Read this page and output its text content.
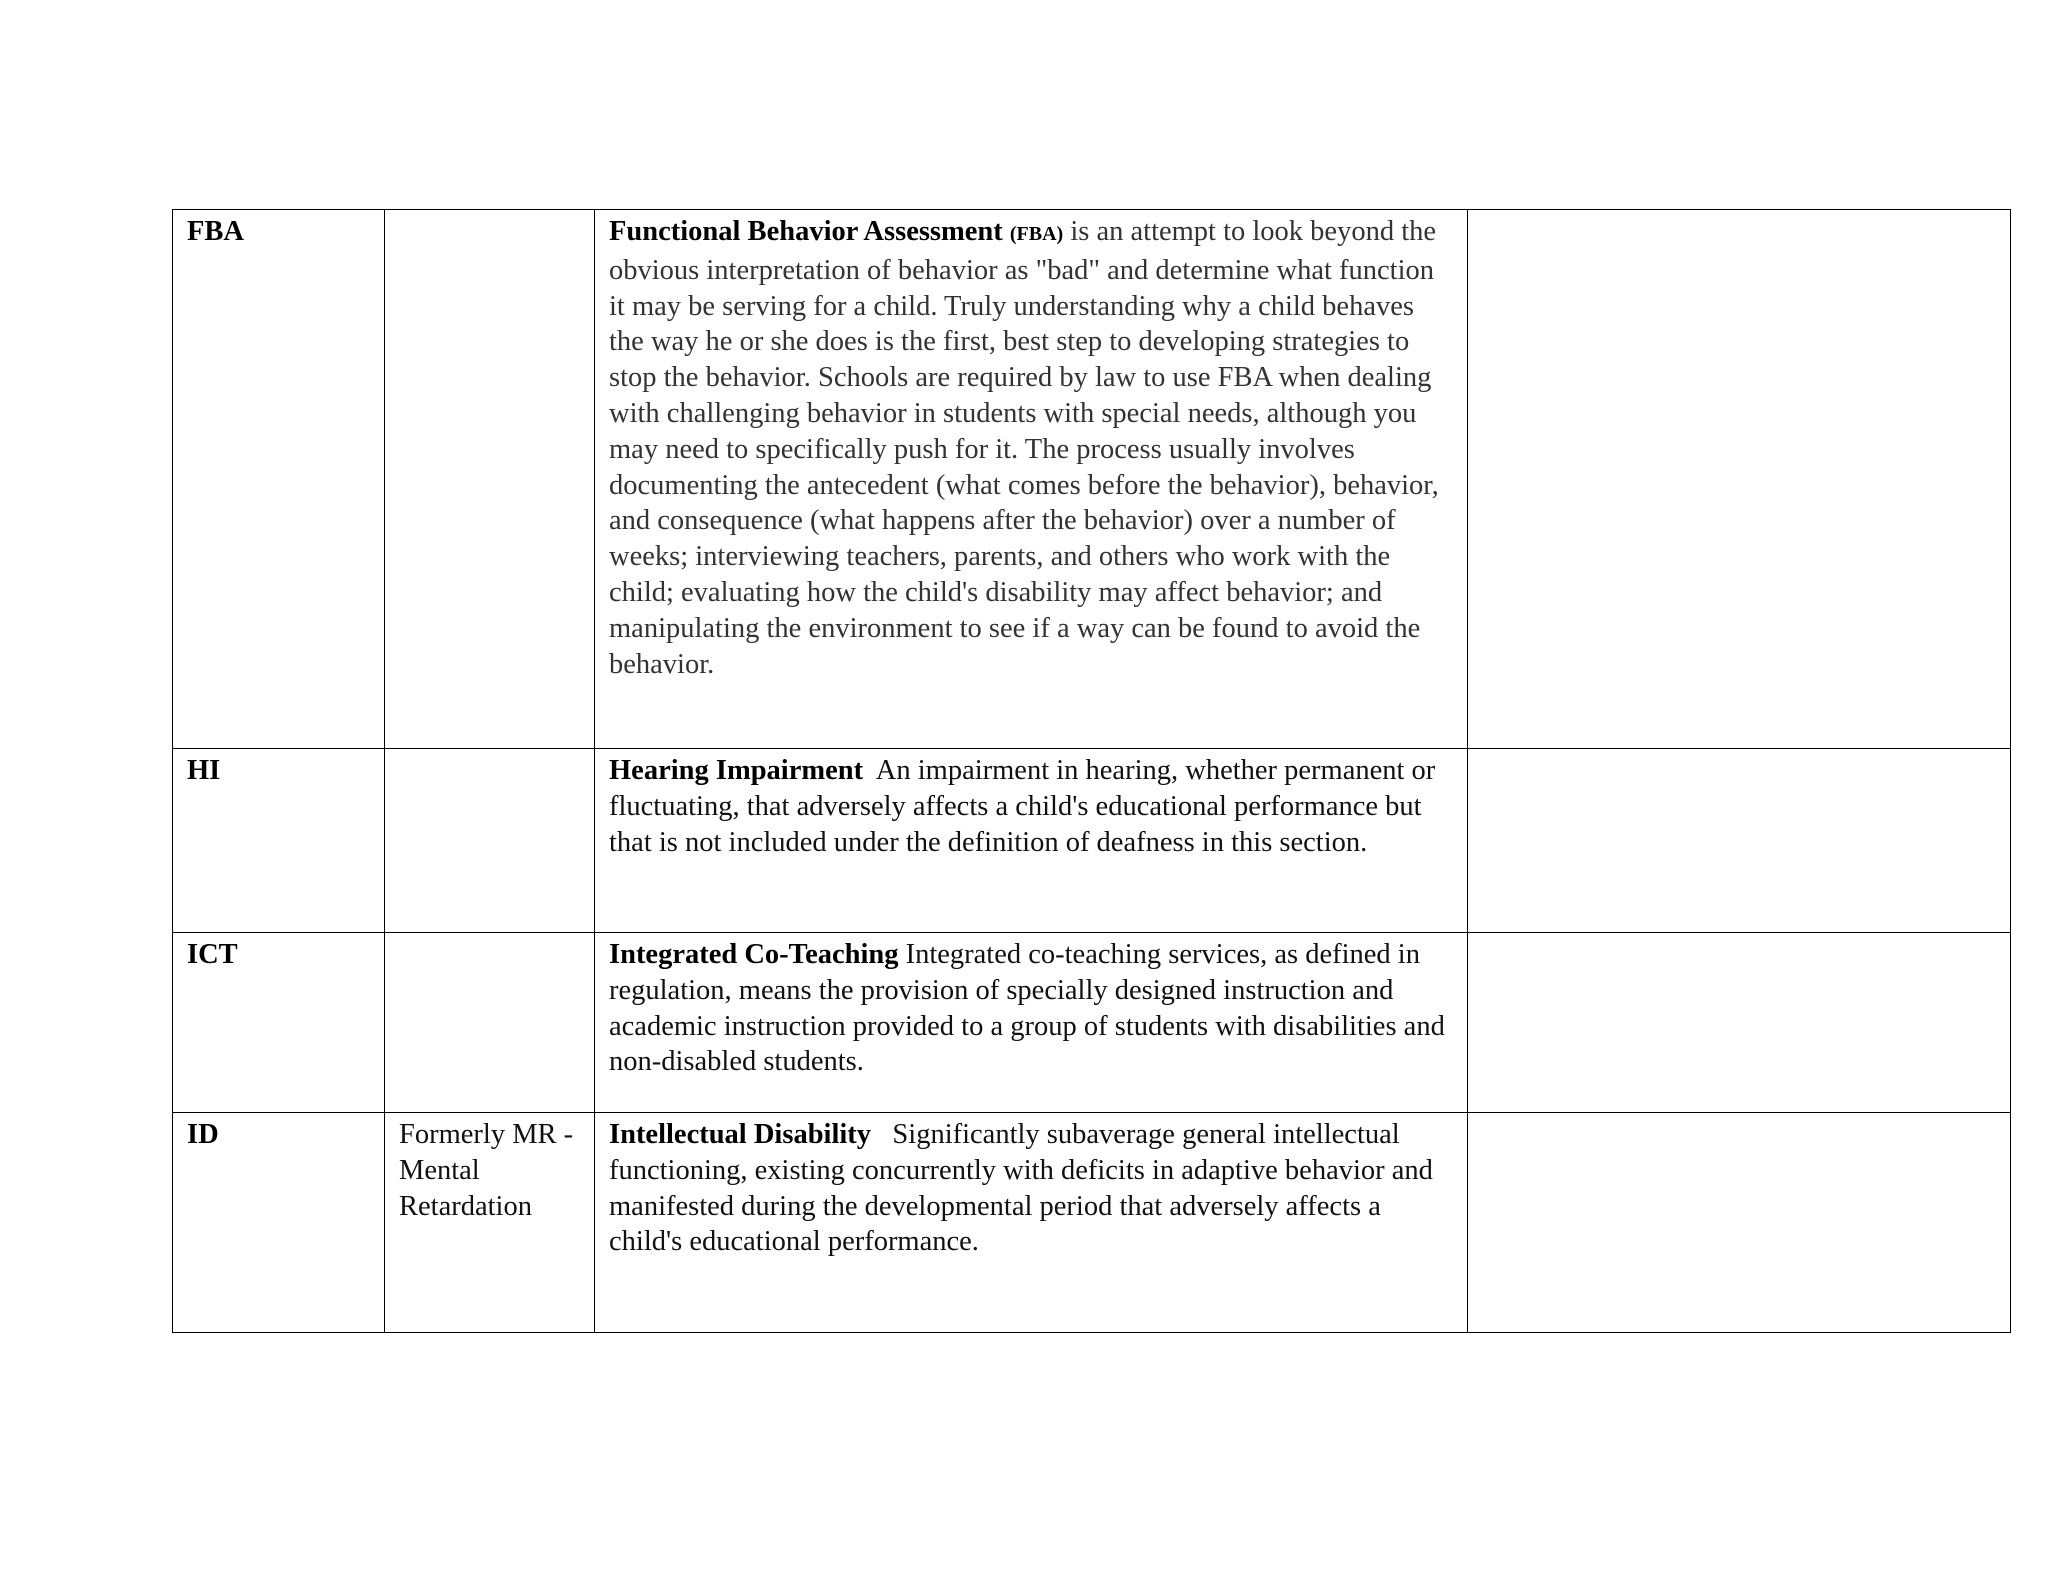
FBA		Functional Behavior Assessment (FBA) is an attempt to look beyond the obvious interpretation of behavior as "bad" and determine what function it may be serving for a child. Truly understanding why a child behaves the way he or she does is the first, best step to developing strategies to stop the behavior. Schools are required by law to use FBA when dealing with challenging behavior in students with special needs, although you may need to specifically push for it. The process usually involves documenting the antecedent (what comes before the behavior), behavior, and consequence (what happens after the behavior) over a number of weeks; interviewing teachers, parents, and others who work with the child; evaluating how the child's disability may affect behavior; and manipulating the environment to see if a way can be found to avoid the behavior.	
HI		Hearing Impairment  An impairment in hearing, whether permanent or fluctuating, that adversely affects a child's educational performance but that is not included under the definition of deafness in this section.	
ICT		Integrated Co-Teaching Integrated co-teaching services, as defined in regulation, means the provision of specially designed instruction and academic instruction provided to a group of students with disabilities and non-disabled students.	
ID	Formerly MR -Mental Retardation	Intellectual Disability   Significantly subaverage general intellectual functioning, existing concurrently with deficits in adaptive behavior and manifested during the developmental period that adversely affects a child's educational performance.	
